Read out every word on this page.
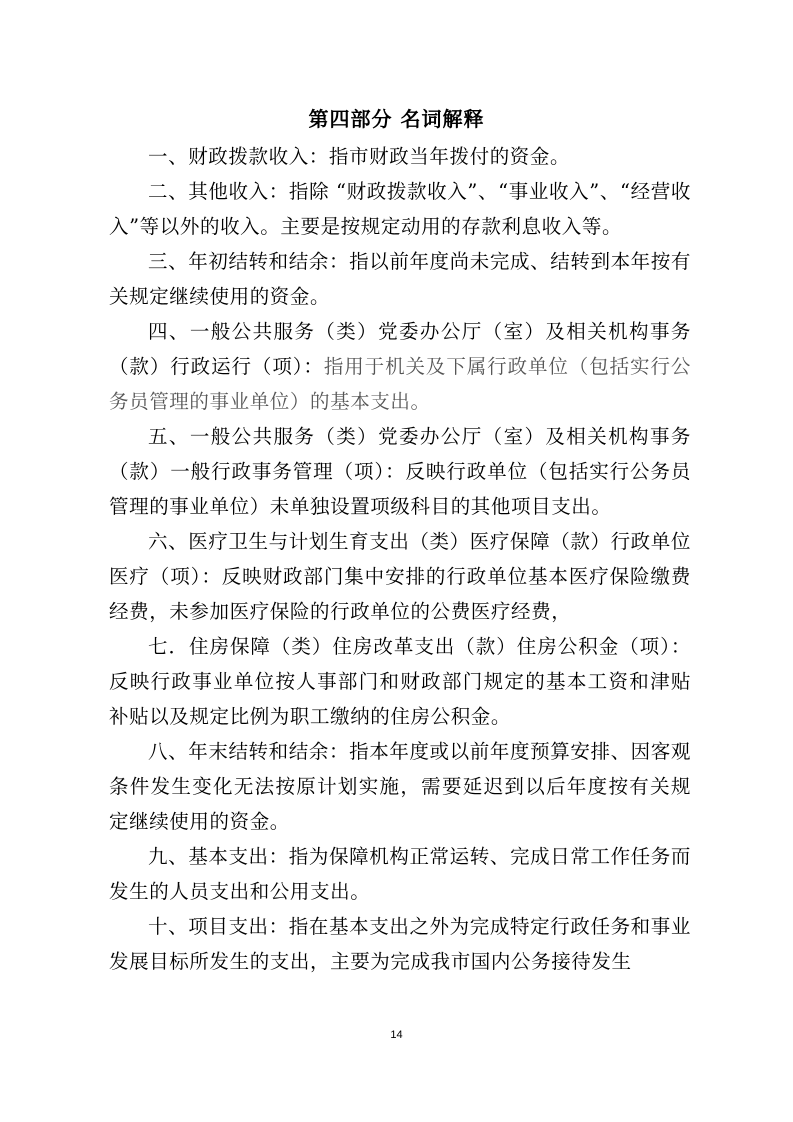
第四部分 名词解释

一、财政拨款收入：指市财政当年拨付的资金。

二、其他收入：指除 “财政拨款收入”、“事业收入”、“经营收入”等以外的收入。主要是按规定动用的存款利息收入等。

三、年初结转和结余：指以前年度尚未完成、结转到本年按有关规定继续使用的资金。

四、一般公共服务（类）党委办公厅（室）及相关机构事务（款）行政运行（项）：指用于机关及下属行政单位（包括实行公务员管理的事业单位）的基本支出。

五、一般公共服务（类）党委办公厅（室）及相关机构事务（款）一般行政事务管理（项）：反映行政单位（包括实行公务员管理的事业单位）未单独设置项级科目的其他项目支出。

六、医疗卫生与计划生育支出（类）医疗保障（款）行政单位医疗（项）：反映财政部门集中安排的行政单位基本医疗保险缴费经费，未参加医疗保险的行政单位的公费医疗经费，

七．住房保障（类）住房改革支出（款）住房公积金（项）：反映行政事业单位按人事部门和财政部门规定的基本工资和津贴补贴以及规定比例为职工缴纳的住房公积金。

八、年末结转和结余：指本年度或以前年度预算安排、因客观条件发生变化无法按原计划实施，需要延迟到以后年度按有关规定继续使用的资金。

九、基本支出：指为保障机构正常运转、完成日常工作任务而发生的人员支出和公用支出。

十、项目支出：指在基本支出之外为完成特定行政任务和事业发展目标所发生的支出，主要为完成我市国内公务接待发生

14
